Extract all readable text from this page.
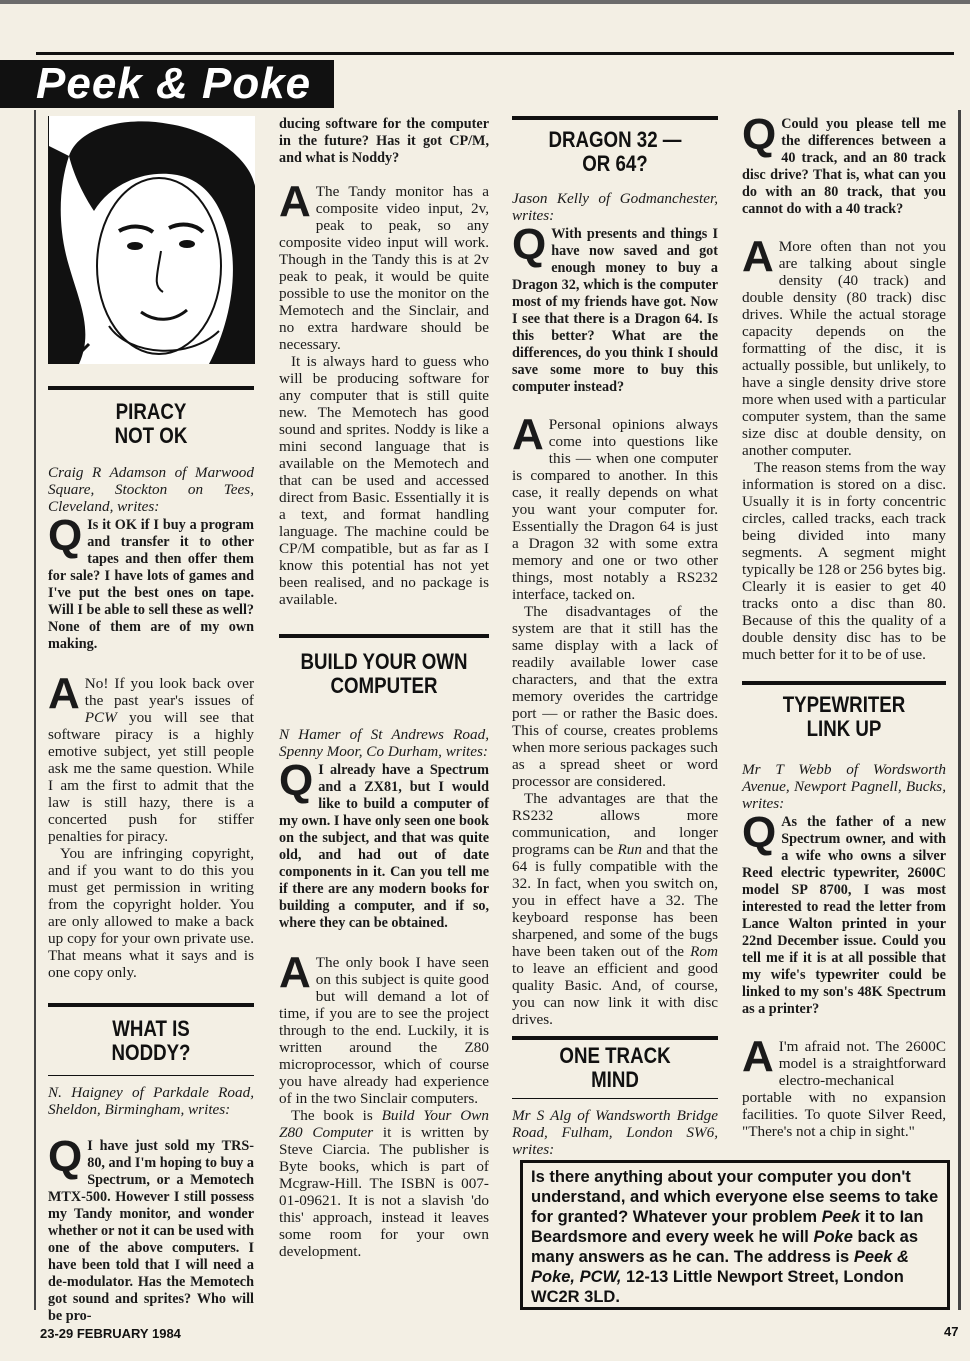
Peek & Poke
PIRACY
NOT OK

Craig R Adamson of Marwood Square, Stockton on Tees, Cleveland, writes:

Q Is it OK if I buy a program and transfer it to other tapes and then offer them for sale? I have lots of games and I've put the best ones on tape. Will I be able to sell these as well? None of them are of my own making.

A No! If you look back over the past year's issues of PCW you will see that software piracy is a highly emotive subject, yet still people ask me the same question. While I am the first to admit that the law is still hazy, there is a concerted push for stiffer penalties for piracy.

You are infringing copyright, and if you want to do this you must get permission in writing from the copyright holder. You are only allowed to make a back up copy for your own private use. That means what it says and is one copy only.

WHAT IS
NODDY?

N. Haigney of Parkdale Road, Sheldon, Birmingham, writes:

Q I have just sold my TRS-80, and I'm hoping to buy a Spectrum, or a Memotech MTX-500. However I still possess my Tandy monitor, and wonder whether or not it can be used with one of the above computers. I have been told that I will need a de-modulator. Has the Memotech got sound and sprites? Who will be pro-

ducing software for the computer in the future? Has it got CP/M, and what is Noddy?

A The Tandy monitor has a composite video input, 2v, peak to peak, so any composite video input will work. Though in the Tandy this is at 2v peak to peak, it would be quite possible to use the monitor on the Memotech and the Sinclair, and no extra hardware should be necessary.

It is always hard to guess who will be producing software for any computer that is still quite new. The Memotech has good sound and sprites. Noddy is like a mini second language that is available on the Memotech and that can be used and accessed direct from Basic. Essentially it is a text, and format handling language. The machine could be CP/M compatible, but as far as I know this potential has not yet been realised, and no package is available.

BUILD YOUR OWN
COMPUTER

N Hamer of St Andrews Road, Spenny Moor, Co Durham, writes:

Q I already have a Spectrum and a ZX81, but I would like to build a computer of my own. I have only seen one book on the subject, and that was quite old, and had out of date components in it. Can you tell me if there are any modern books for building a computer, and if so, where they can be obtained.

A The only book I have seen on this subject is quite good but will demand a lot of time, if you are to see the project through to the end. Luckily, it is written around the Z80 microprocessor, which of course you have already had experience of in the two Sinclair computers.

The book is Build Your Own Z80 Computer it is written by Steve Ciarcia. The publisher is Byte books, which is part of Mcgraw-Hill. The ISBN is 007-01-09621. It is not a slavish 'do this' approach, instead it leaves some room for your own development.

DRAGON 32 —
OR 64?

Jason Kelly of Godmanchester, writes:

Q With presents and things I have now saved and got enough money to buy a Dragon 32, which is the computer most of my friends have got. Now I see that there is a Dragon 64. Is this better? What are the differences, do you think I should save some more to buy this computer instead?

A Personal opinions always come into questions like this — when one computer is compared to another. In this case, it really depends on what you want your computer for. Essentially the Dragon 64 is just a Dragon 32 with some extra memory and one or two other things, most notably a RS232 interface, tacked on.

The disadvantages of the system are that it still has the same display with a lack of readily available lower case characters, and that the extra memory overides the cartridge port — or rather the Basic does. This of course, creates problems when more serious packages such as a spread sheet or word processor are considered.

The advantages are that the RS232 allows more communication, and longer programs can be Run and that the 64 is fully compatible with the 32. In fact, when you switch on, you in effect have a 32. The keyboard response has been sharpened, and some of the bugs have been taken out of the Rom to leave an efficient and good quality Basic. And, of course, you can now link it with disc drives.

ONE TRACK
MIND

Mr S Alg of Wandsworth Bridge Road, Fulham, London SW6, writes:

Q Could you please tell me the differences between a 40 track, and an 80 track disc drive? That is, what can you do with an 80 track, that you cannot do with a 40 track?

A More often than not you are talking about single density (40 track) and double density (80 track) disc drives. While the actual storage capacity depends on the formatting of the disc, it is actually possible, but unlikely, to have a single density drive store more when used with a particular computer system, than the same size disc at double density, on another computer.

The reason stems from the way information is stored on a disc. Usually it is in forty concentric circles, called tracks, each track being divided into many segments. A segment might typically be 128 or 256 bytes big. Clearly it is easier to get 40 tracks onto a disc than 80. Because of this the quality of a double density disc has to be much better for it to be of use.

TYPEWRITER
LINK UP

Mr T Webb of Wordsworth Avenue, Newport Pagnell, Bucks, writes:

Q As the father of a new Spectrum owner, and with a wife who owns a silver Reed electric typewriter, 2600C model SP 8700, I was most interested to read the letter from Lance Walton printed in your 22nd December issue. Could you tell me if it is at all possible that my wife's typewriter could be linked to my son's 48K Spectrum as a printer?

A I'm afraid not. The 2600C model is a straightforward electro-mechanical portable with no expansion facilities. To quote Silver Reed, "There's not a chip in sight."

Is there anything about your computer you don't understand, and which everyone else seems to take for granted? Whatever your problem Peek it to Ian Beardsmore and every week he will Poke back as many answers as he can. The address is Peek & Poke, PCW, 12-13 Little Newport Street, London WC2R 3LD.
23-29 FEBRUARY 1984	47
